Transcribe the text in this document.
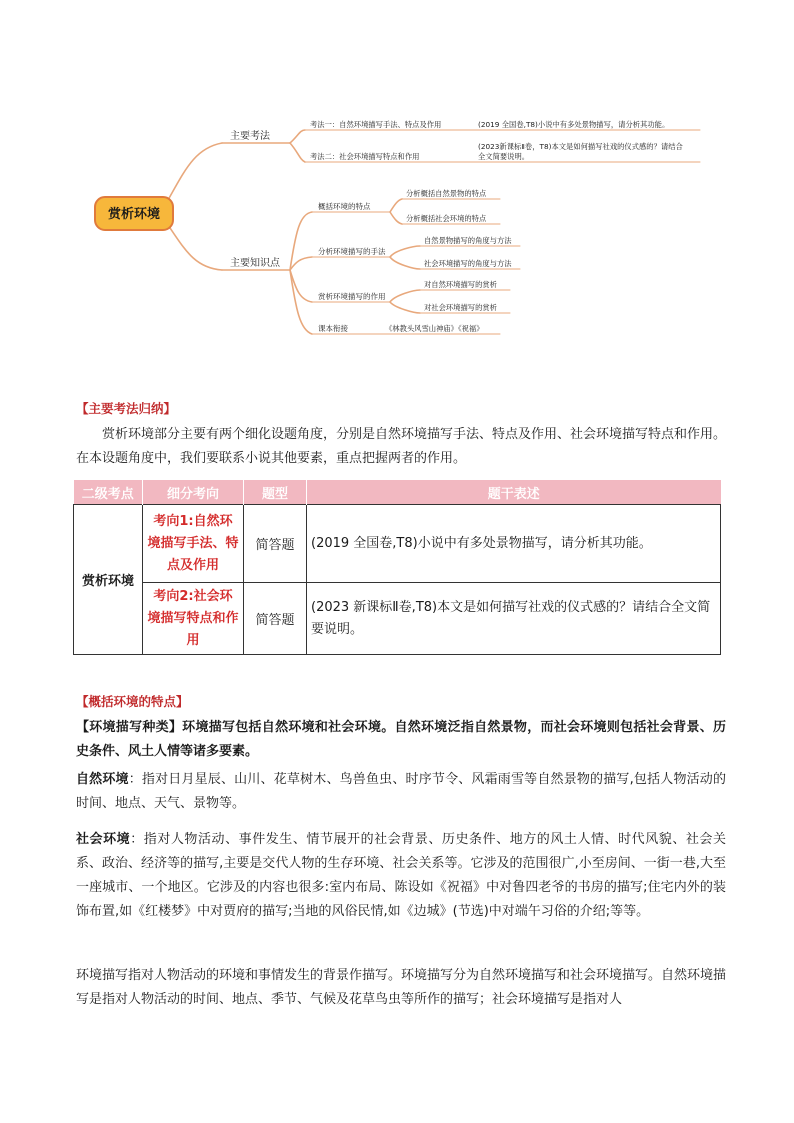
赏析环境
主要考法
主要知识点
考法一：自然环境描写手法、特点及作用	(2019 全国卷,T8)小说中有多处景物描写，请分析其功能。
考法二：社会环境描写特点和作用
(2023新课标Ⅱ卷，T8)本文是如何描写社戏的仪式感的？请结合
全文简要说明。
概括环境的特点
分析环境描写的手法
赏析环境描写的作用
课本衔接
分析概括自然景物的特点
分析概括社会环境的特点
自然景物描写的角度与方法
社会环境描写的角度与方法
对自然环境描写的赏析
对社会环境描写的赏析
《林教头风雪山神庙》《祝福》
【主要考法归纳】
赏析环境部分主要有两个细化设题角度，分别是自然环境描写手法、特点及作用、社会环境描写特点和作用。在本设题角度中，我们要联系小说其他要素，重点把握两者的作用。
二级考点	细分考向	题型	题干表述
赏析环境	考向1:自然环境描写手法、特点及作用	简答题	(2019 全国卷,T8)小说中有多处景物描写，请分析其功能。
	考向2:社会环境描写特点和作用	简答题	(2023 新课标Ⅱ卷,T8)本文是如何描写社戏的仪式感的？请结合全文简要说明。
【概括环境的特点】
【环境描写种类】环境描写包括自然环境和社会环境。自然环境泛指自然景物，而社会环境则包括社会背景、历史条件、风土人情等诸多要素。
自然环境：指对日月星辰、山川、花草树木、鸟兽鱼虫、时序节令、风霜雨雪等自然景物的描写,包括人物活动的时间、地点、天气、景物等。
社会环境：指对人物活动、事件发生、情节展开的社会背景、历史条件、地方的风土人情、时代风貌、社会关系、政治、经济等的描写,主要是交代人物的生存环境、社会关系等。它涉及的范围很广,小至房间、一街一巷,大至一座城市、一个地区。它涉及的内容也很多:室内布局、陈设如《祝福》中对鲁四老爷的书房的描写;住宅内外的装饰布置,如《红楼梦》中对贾府的描写;当地的风俗民情,如《边城》(节选)中对端午习俗的介绍;等等。
环境描写指对人物活动的环境和事情发生的背景作描写。环境描写分为自然环境描写和社会环境描写。自然环境描写是指对人物活动的时间、地点、季节、气候及花草鸟虫等所作的描写；社会环境描写是指对人
